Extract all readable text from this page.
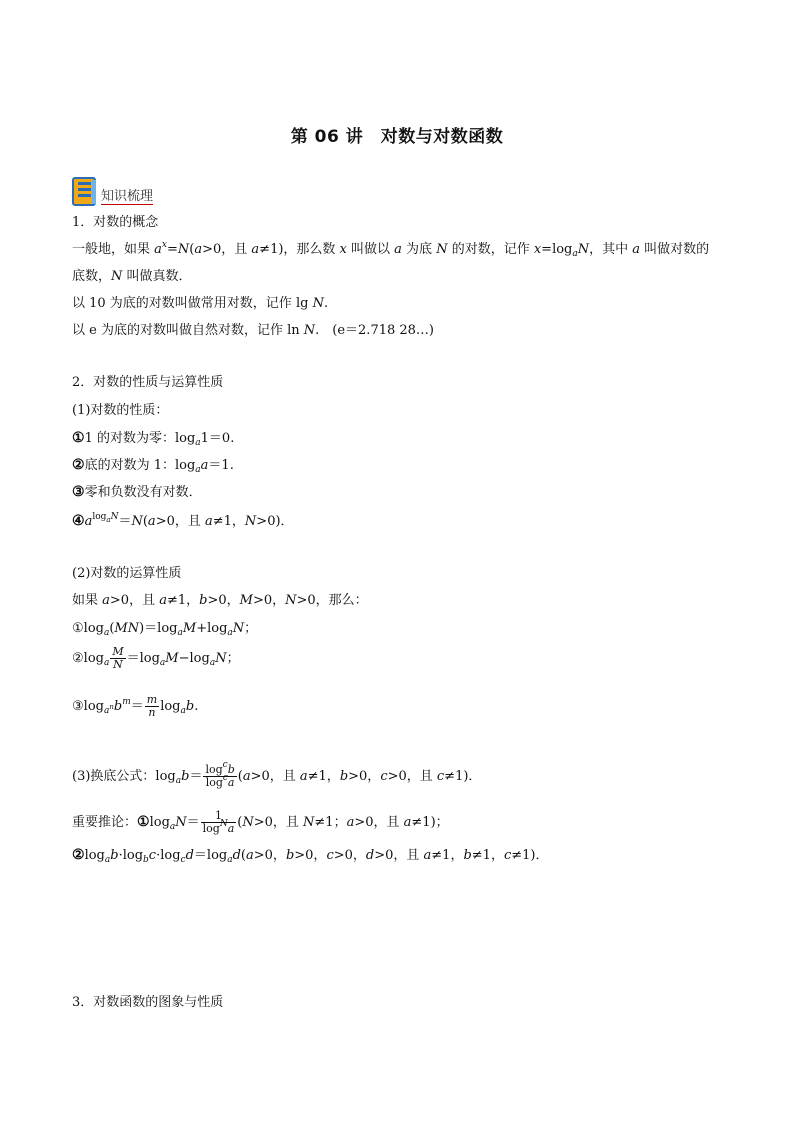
第 06 讲　对数与对数函数
知识梳理
1．对数的概念
一般地，如果 $a^x=N(a>0$，且 a≠1)，那么数 x 叫做以 a 为底 N 的对数，记作 $x=\log_aN$，其中 a 叫做对数的
底数，N 叫做真数．
以 10 为底的对数叫做常用对数，记作 lg N.
以 e 为底的对数叫做自然对数，记作 ln N.　(e＝2.718 28…)
2．对数的性质与运算性质
(1)对数的性质：
①1 的对数为零：$\log_a1=0$.
②底的对数为 1：$\log_aa=1$.
③零和负数没有对数．
$④a^{log_aN}=N(a>0$，且 a≠1，N>0)．
(2)对数的运算性质
如果 a>0，且 a≠1，b>0，M>0，N>0，那么：
$①\log_a(MN)=\log_aM+\log_aN$；
$②\log_a \frac{M}{N} =\log_aM-\log_aN$；
$③\log_{a^n}b^m= \frac{m}{n} \log_ab$.
(3)换底公式：$\log_ab= \frac{\log^cb}{\log^ca} (a>0$，且 a≠1，b>0，c>0，且 c≠1)．
重要推论：$①\log_aN= \frac{1}{\log^Na} (N>0$，且 N≠1；a>0，且 a≠1)；
$②\log_ab\cdot\log_bc\cdot\log_cd=\log_ad(a>0$，b>0，c>0，d>0，且 a≠1，b≠1，c≠1)．
3．对数函数的图象与性质
